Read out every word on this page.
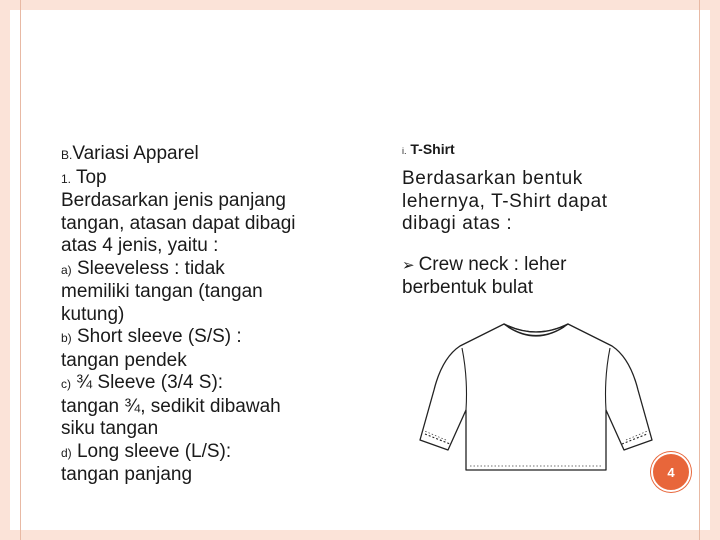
B.Variasi Apparel
1. Top
Berdasarkan jenis panjang
tangan, atasan dapat dibagi
atas 4 jenis, yaitu :
a) Sleeveless : tidak
memiliki tangan (tangan
kutung)
b) Short sleeve (S/S) :
tangan pendek
c) ¾ Sleeve (3/4 S):
tangan ¾, sedikit dibawah
siku tangan
d) Long sleeve (L/S):
tangan panjang
i. T-Shirt
Berdasarkan bentuk
lehernya, T-Shirt dapat
dibagi atas :
➢ Crew neck : leher
berbentuk bulat
4
